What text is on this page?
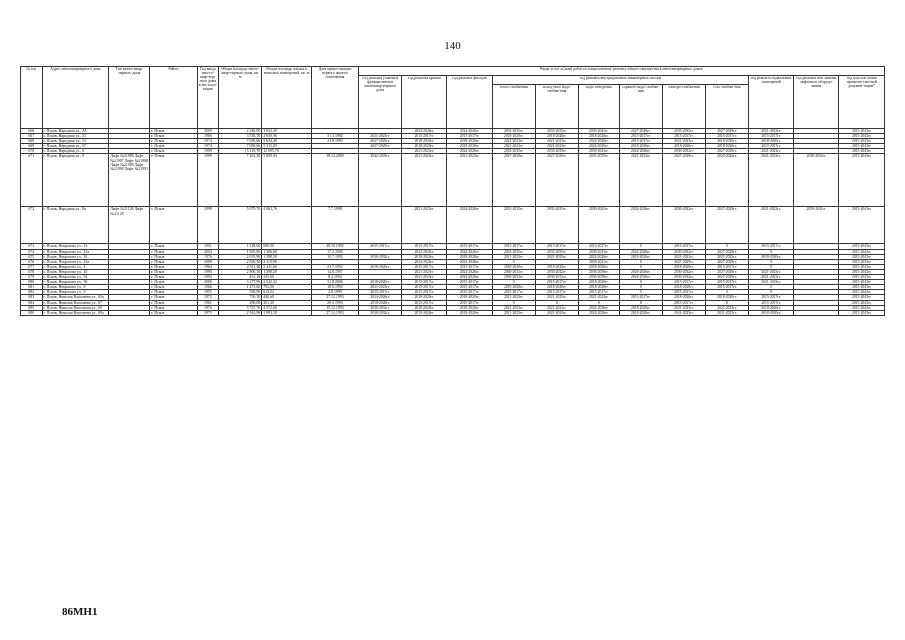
140
№ п/п	Адрес многоквартирного дома	Тип много-квар-тирного дома	Район	Год ввода мно-го-квар-тир-ного дома в экс-плуа-тацию	Общая площадь много-квар-тирного дома, кв. м	Общая площадь жилых и нежилых помещений, кв. м	Дата прива-тизации первого жилого помещения	Виды услуг и (или) работ по капитальному ремонту общего имущества в многоквартирных домах											
								год ремонта (замены) функци-ментов многоквар-тирного дома	год ремонта крыши	год ремонта фасадов	год ремонта внутридомовых инженерных систем						год ремонта подвальных помещений	год ремонта или замены лифтового оборудо-вания	год изготов-ления проектно-сметной докумен-тации*
											тепло-снабжения	холод-ного водо-снабже-ния	водо-отведения	горячего водо-снабже-ния	электро-снабжения	газо-снабже-ния			
666	г. Псков, Народная ул., 4А		г. Псков	2009	2 246,00	1 924,40			2024-2026гг.	2024-2026гг.	2033-2035гг.	2033-2035гг.	2039-2041гг.	2027-2029гг.	2033-2035гг.	2027-2029гг.	2021-2023гг.		2015-2043гг.
667	г. Псков, Народная ул., 51		г. Псков	1966	3 538,70	2 830,96	31.3.1992	2021-2023гг.	2015-2017гг.	2015-2017гг.	2018-2020гг.	2018-2020гг.	2018-2020гг.	2015-2017гг.	2015-2017гг.	2015-2017гг.	2015-2017гг.		2015-2043гг.
668	г. Псков, Народная ул., 53		г. Псков	1974	7 030,66	5 624,48	21.9.1993	2027-2029гг.	2018-2020гг.	2018-2020гг.	2021-2023гг.	2021-2023гг.	2024-2026гг.	2015-2017гг.	2021-2023гг.	2018-2020гг.	2018-2020гг.		2015-2043гг.
669	г. Псков, Народная ул., 57		г. Псков	1974	7 030,66	5 315,05		2027-2029гг.	2018-2020гг.	2018-2020гг.	2021-2023гг.	2021-2023гг.	2024-2026гг.	2018-2020гг.	2018-2020гг.	2018-2020гг.	2015-2017гг.		2015-2043гг.
670	г. Псков, Народная ул., 6		г. Псков	1999	15 119,70	12 095,76			2021-2023гг.	2024-2026гг.	2033-2035гг.	2033-2035гг.	2039-2041гг.	2024-2026гг.	2030-2032гг.	2027-2029гг.	2021-2023гг.		2015-2043гг.
671	г. Псков, Народная ул., 8	Лифт №21986 Лифт №21987 Лифт №21988 Лифт №21989 Лифт №21990 Лифт №21991	г. Псков	1989	7 261,30	5 809,04	18.12.2000	2042-2043гг.	2021-2023гг.	2021-2023гг.	2027-2029гг.	2027-2029гг.	2033-2035гг.	2021-2023гг.	2027-2029гг.	2024-2026гг.	2021-2023гг.	2030-2032гг.	2015-2043гг.
672	г. Псков, Народная ул., 8а	Лифт №31128 Лифт №31129	г. Псков	1998	5 079,70	4 063,76	7.7.1998		2021-2023гг.	2024-2026гг.	2033-2035гг.	2033-2035гг.	2039-2041гг.	2024-2026гг.	2030-2032гг.	2027-2029гг.	2021-2023гг.	2039-2041гг.	2015-2043гг.
673	г. Псков, Некрасова ул., 13		г. Псков	1951	1 128,00	680,00	28.10.1992	2015-2017гг.	2015-2017гг.	2015-2017гг.	2015-2017гг.	2015-2017гг.	2015-2017гг.	0	2015-2017гг.	0	2015-2017гг.		2015-2043гг.
674	г. Псков, Некрасова ул., 15а		г. Псков	2004	1 935,80	1 306,60	17.3.2005		2024-2026гг.	2024-2026гг.	2033-2035гг.	2033-2035гг.	2039-2041гг.	2024-2026гг.	2030-2032гг.	2027-2029гг.	0		2015-2043гг.
675	г. Псков, Некрасова ул., 16		г. Псков	1976	2 035,90	1 288,30	10.7.1992	2030-2032гг.	2018-2020гг.	2018-2020гг.	2021-2023гг.	2021-2023гг.	2024-2026гг.	2018-2020гг.	2021-2023гг.	2021-2023гг.	2018-2020гг.		2015-2043гг.
676	г. Псков, Некрасова ул., 23а		г. Псков	2009	2 826,50	2 119,88			2024-2026гг.	2024-2026гг.	0		2039-2041гг.	0	2027-2029гг.	2027-2029гг.	0		2015-2043гг.
677	г. Псков, Некрасова ул., 4		г. Псков	1964	2 511,40	2 441,60	21.7.1992	2018-2020гг.	2015-2017гг.	2015-2017гг.	2018-2020гг.	2018-2020гг.	2018-2020гг.	0	2018-2020гг.	2015-2017гг.	0		2015-2043гг.
678	г. Псков, Некрасова ул., 45		г. Псков	1995	2 806,10	1 298,20	14.8.1997		2021-2023гг.	2024-2026гг.	2030-2032гг.	2030-2032гг.	2036-2038гг.	2024-2026гг.	2030-2032гг.	2027-2029гг.	2021-2023гг.		2015-2043гг.
679	г. Псков, Некрасова ул., 52		г. Псков	1993	431,10	245,60	8.4.1994		2021-2023гг.	2024-2026гг.	2030-2032гг.	2030-2032гг.	2036-2038гг.	2024-2026гг.	2030-2032гг.	2027-2029гг.	2021-2023гг.		2015-2043гг.
680	г. Псков, Некрасова ул., 56		г. Псков	2006	3 177,96	2 542,32	31.8.2006	2018-2020гг.	2015-2017гг.	2015-2017гг.	0	2015-2017гг.	2018-2020гг.	0	2015-2017гг.	2015-2017гг.	2021-2023гг.		2015-2043гг.
681	г. Псков, Некрасова ул., 6		г. Псков	1966	1 273,60	792,50	18.8.1992	2021-2023гг.	2015-2017гг.	2015-2017гг.	2018-2020гг.	2018-2020гг.	2018-2020гг.	0	2018-2020гг.	2015-2017гг.	0		2015-2043гг.
682	г. Псков, Некрасова ул., 9		г. Псков	1955	766,90	613,52	2.8.1999	2015-2017гг.	2015-2017гг.	2015-2017гг.	2015-2017гг.	2015-2017гг.	2015-2017гг.	0	2015-2017гг.	0	0		2015-2043гг.
683	г. Псков, Николая Васильева ул., 65а		г. Псков	1972	750,30	440,60	27.12.1993	2024-2026гг.	2018-2020гг.	2018-2020гг.	2021-2023гг.	2021-2023гг.	2021-2023гг.	2015-2017гг.	2018-2020гг.	2018-2020гг.	2015-2017гг.		2015-2043гг.
684	г. Псков, Николая Васильева ул., 67		г. Псков	1961	296,00	201,30	29.3.1993	2018-2020гг.	2015-2017гг.	2015-2017гг.	0	0	0	0	2015-2017гг.	0	2015-2017гг.		2015-2043гг.
685	г. Псков, Николая Васильева ул., 69		г. Псков	1976	5 767,70	4 572,00	15.12.1993	2030-2032гг.	2018-2020гг.	2018-2020гг.	2021-2023гг.	2021-2023гг.	2024-2026гг.	2018-2020гг.	2021-2023гг.	2021-2023гг.	2018-2020гг.		2015-2043гг.
686	г. Псков, Николая Васильева ул., 69а		г. Псков	1975	2 944,90	1 993,10	27.12.1993	2030-2032гг.	2018-2020гг.	2018-2020гг.	2021-2023гг.	2021-2023гг.	2024-2026гг.	2018-2020гг.	2021-2023гг.	2021-2023гг.	2018-2020гг.		2015-2043гг.
86MH1
